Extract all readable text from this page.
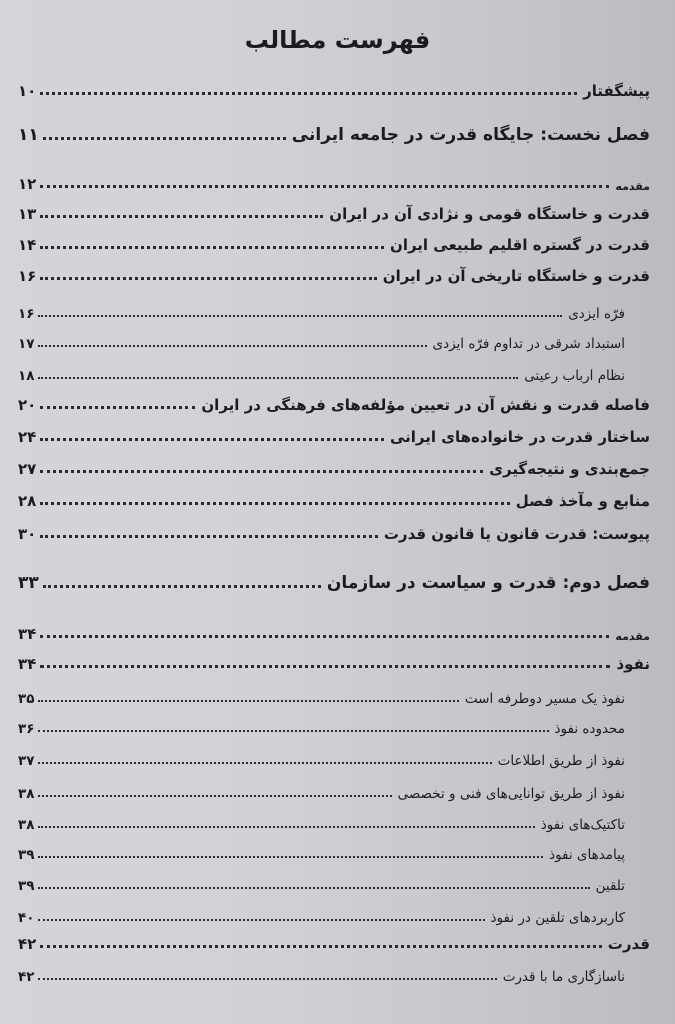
فهرست مطالب
پیشگفتار
۱۰
فصل نخست: جایگاه قدرت در جامعه ایرانی
۱۱
مقدمه
۱۲
قدرت و خاستگاه قومی و نژادی آن در ایران
۱۳
قدرت در گستره اقلیم طبیعی ایران
۱۴
قدرت و خاستگاه تاریخی آن در ایران
۱۶
فرّه ایزدی
۱۶
استبداد شرقی در تداوم فرّه ایزدی
۱۷
نظام ارباب رعیتی
۱۸
فاصله قدرت و نقش آن در تعیین مؤلفه‌های فرهنگی در ایران
۲۰
ساختار قدرت در خانواده‌های ایرانی
۲۴
جمع‌بندی و نتیجه‌گیری
۲۷
منابع و مآخذ فصل
۲۸
پیوست: قدرت قانون یا قانون قدرت
۳۰
فصل دوم: قدرت و سیاست در سازمان
۳۳
مقدمه
۳۴
نفوذ
۳۴
نفوذ یک مسیر دوطرفه است
۳۵
محدوده نفوذ
۳۶
نفوذ از طریق اطلاعات
۳۷
نفوذ از طریق توانایی‌های فنی و تخصصی
۳۸
تاکتیک‌های نفوذ
۳۸
پیامدهای نفوذ
۳۹
تلقین
۳۹
کاربردهای تلقین در نفوذ
۴۰
قدرت
۴۲
ناسازگاری ما با قدرت
۴۲
